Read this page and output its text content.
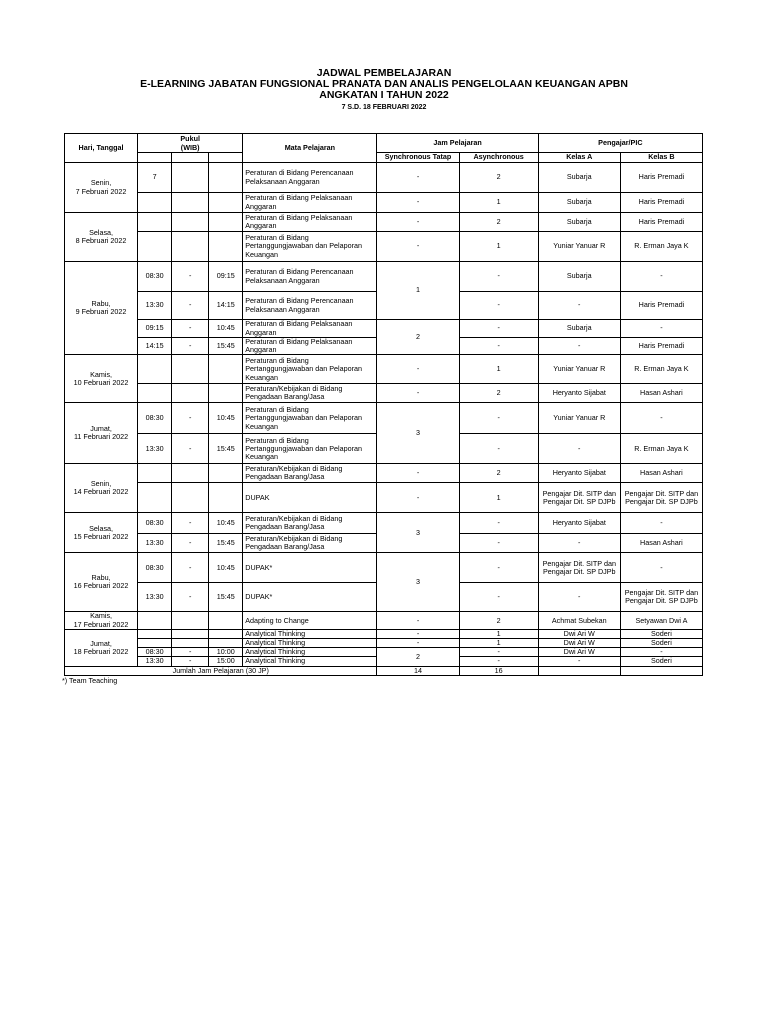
JADWAL PEMBELAJARAN
E-LEARNING JABATAN FUNGSIONAL PRANATA DAN ANALIS PENGELOLAAN KEUANGAN APBN
ANGKATAN I TAHUN 2022
7 S.D. 18 FEBRUARI 2022
Hari, Tanggal	Pukul
(WIB)			Mata Pelajaran	Jam Pelajaran		Pengajar/PIC	
					Synchronous Tatap	Asynchronous	Kelas A	Kelas B
Senin,
7 Februari 2022	7			Peraturan di Bidang Perencanaan Pelaksanaan Anggaran	-	2	Subarja	Haris Premadi
				Peraturan di Bidang Pelaksanaan Anggaran	-	1	Subarja	Haris Premadi
Selasa,
8 Februari 2022				Peraturan di Bidang Pelaksanaan Anggaran	-	2	Subarja	Haris Premadi
				Peraturan di Bidang Pertanggungjawaban dan Pelaporan Keuangan	-	1	Yuniar Yanuar R	R. Erman Jaya K
Rabu,
9 Februari 2022	08:30	-	09:15	Peraturan di Bidang Perencanaan Pelaksanaan Anggaran	1	-	Subarja	-
	13:30	-	14:15	Peraturan di Bidang Perencanaan Pelaksanaan Anggaran		-	-	Haris Premadi
	09:15	-	10:45	Peraturan di Bidang Pelaksanaan Anggaran	2	-	Subarja	-
	14:15	-	15:45	Peraturan di Bidang Pelaksanaan Anggaran		-	-	Haris Premadi
Kamis,
10 Februari 2022				Peraturan di Bidang Pertanggungjawaban dan Pelaporan Keuangan	-	1	Yuniar Yanuar R	R. Erman Jaya K
				Peraturan/Kebijakan di Bidang Pengadaan Barang/Jasa	-	2	Heryanto Sijabat	Hasan Ashari
Jumat,
11 Februari 2022	08:30	-	10:45	Peraturan di Bidang Pertanggungjawaban dan Pelaporan Keuangan	3	-	Yuniar Yanuar R	-
	13:30	-	15:45	Peraturan di Bidang Pertanggungjawaban dan Pelaporan Keuangan		-	-	R. Erman Jaya K
Senin,
14 Februari 2022				Peraturan/Kebijakan di Bidang Pengadaan Barang/Jasa	-	2	Heryanto Sijabat	Hasan Ashari
				DUPAK	-	1	Pengajar Dit. SITP dan Pengajar Dit. SP DJPb	Pengajar Dit. SITP dan Pengajar Dit. SP DJPb
Selasa,
15 Februari 2022	08:30	-	10:45	Peraturan/Kebijakan di Bidang Pengadaan Barang/Jasa	3	-	Heryanto Sijabat	-
	13:30	-	15:45	Peraturan/Kebijakan di Bidang Pengadaan Barang/Jasa		-	-	Hasan Ashari
Rabu,
16 Februari 2022	08:30	-	10:45	DUPAK*	3	-	Pengajar Dit. SITP dan Pengajar Dit. SP DJPb	-
	13:30	-	15:45	DUPAK*		-	-	Pengajar Dit. SITP dan Pengajar Dit. SP DJPb
Kamis,
17 Februari 2022				Adapting to Change	-	2	Achmat Subekan	Setyawan Dwi A
Jumat,
18 Februari 2022				Analytical Thinking	-	1	Dwi Ari W	Soderi
				Analytical Thinking	-	1	Dwi Ari W	Soderi
	08:30	-	10:00	Analytical Thinking	2	-	Dwi Ari W	-
	13:30	-	15:00	Analytical Thinking		-	-	Soderi
Jumlah Jam Pelajaran (30 JP)					14	16		
*) Team Teaching
